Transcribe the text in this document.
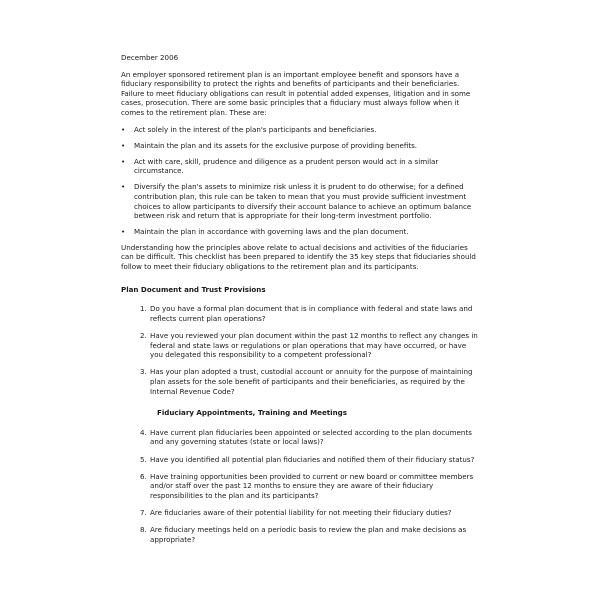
December 2006
An employer sponsored retirement plan is an important employee benefit and sponsors have a fiduciary responsibility to protect the rights and benefits of participants and their beneficiaries. Failure to meet fiduciary obligations can result in potential added expenses, litigation and in some cases, prosecution. There are some basic principles that a fiduciary must always follow when it comes to the retirement plan. These are:
• Act solely in the interest of the plan's participants and beneficiaries.
• Maintain the plan and its assets for the exclusive purpose of providing benefits.
• Act with care, skill, prudence and diligence as a prudent person would act in a similar circumstance.
• Diversify the plan's assets to minimize risk unless it is prudent to do otherwise; for a defined contribution plan, this rule can be taken to mean that you must provide sufficient investment choices to allow participants to diversify their account balance to achieve an optimum balance between risk and return that is appropriate for their long-term investment portfolio.
• Maintain the plan in accordance with governing laws and the plan document.
Understanding how the principles above relate to actual decisions and activities of the fiduciaries can be difficult. This checklist has been prepared to identify the 35 key steps that fiduciaries should follow to meet their fiduciary obligations to the retirement plan and its participants.
Plan Document and Trust Provisions
1. Do you have a formal plan document that is in compliance with federal and state laws and reflects current plan operations?
2. Have you reviewed your plan document within the past 12 months to reflect any changes in federal and state laws or regulations or plan operations that may have occurred, or have you delegated this responsibility to a competent professional?
3. Has your plan adopted a trust, custodial account or annuity for the purpose of maintaining plan assets for the sole benefit of participants and their beneficiaries, as required by the Internal Revenue Code?
Fiduciary Appointments, Training and Meetings
4. Have current plan fiduciaries been appointed or selected according to the plan documents and any governing statutes (state or local laws)?
5. Have you identified all potential plan fiduciaries and notified them of their fiduciary status?
6. Have training opportunities been provided to current or new board or committee members and/or staff over the past 12 months to ensure they are aware of their fiduciary responsibilities to the plan and its participants?
7. Are fiduciaries aware of their potential liability for not meeting their fiduciary duties?
8. Are fiduciary meetings held on a periodic basis to review the plan and make decisions as appropriate?
